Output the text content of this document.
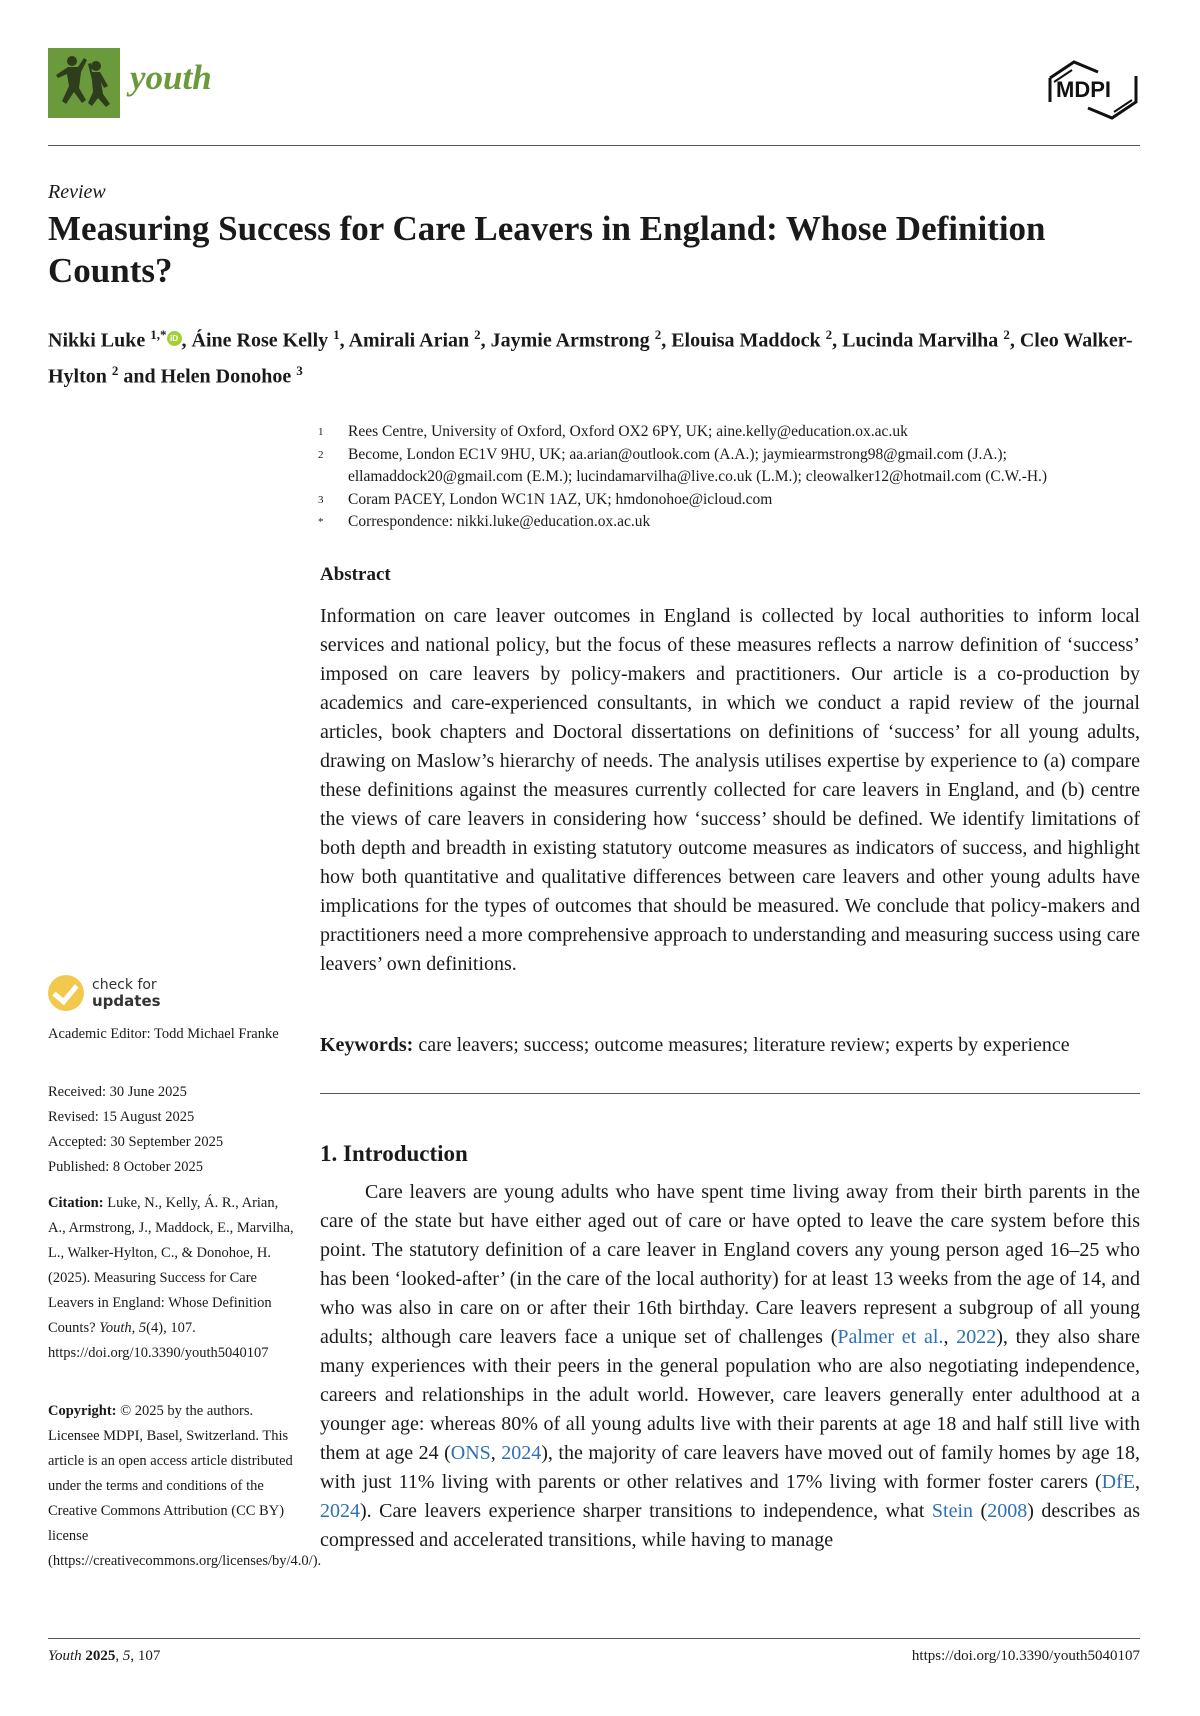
youth	MDPI
Review
Measuring Success for Care Leavers in England: Whose Definition Counts?
Nikki Luke $^{1,*}$ iD , Áine Rose Kelly $^1$, Amirali Arian $^2$, Jaymie Armstrong $^2$, Elouisa Maddock $^2$, Lucinda Marvilha $^2$, Cleo Walker-Hylton $^2$ and Helen Donohoe $^3$
1	Rees Centre, University of Oxford, Oxford OX2 6PY, UK; aine.kelly@education.ox.ac.uk
2	Become, London EC1V 9HU, UK; aa.arian@outlook.com (A.A.); jaymiearmstrong98@gmail.com (J.A.); ellamaddock20@gmail.com (E.M.); lucindamarvilha@live.co.uk (L.M.); cleowalker12@hotmail.com (C.W.-H.)
3	Coram PACEY, London WC1N 1AZ, UK; hmdonohoe@icloud.com
*	Correspondence: nikki.luke@education.ox.ac.uk
Abstract
Information on care leaver outcomes in England is collected by local authorities to inform local services and national policy, but the focus of these measures reflects a narrow definition of ‘success’ imposed on care leavers by policy-makers and practitioners. Our article is a co-production by academics and care-experienced consultants, in which we conduct a rapid review of the journal articles, book chapters and Doctoral dissertations on definitions of ‘success’ for all young adults, drawing on Maslow’s hierarchy of needs. The analysis utilises expertise by experience to (a) compare these definitions against the measures currently collected for care leavers in England, and (b) centre the views of care leavers in considering how ‘success’ should be defined. We identify limitations of both depth and breadth in existing statutory outcome measures as indicators of success, and highlight how both quantitative and qualitative differences between care leavers and other young adults have implications for the types of outcomes that should be measured. We conclude that policy-makers and practitioners need a more comprehensive approach to understanding and measuring success using care leavers’ own definitions.
Keywords: care leavers; success; outcome measures; literature review; experts by experience
1. Introduction
Care leavers are young adults who have spent time living away from their birth parents in the care of the state but have either aged out of care or have opted to leave the care system before this point. The statutory definition of a care leaver in England covers any young person aged 16–25 who has been ‘looked-after’ (in the care of the local authority) for at least 13 weeks from the age of 14, and who was also in care on or after their 16th birthday. Care leavers represent a subgroup of all young adults; although care leavers face a unique set of challenges (Palmer et al., 2022), they also share many experiences with their peers in the general population who are also negotiating independence, careers and relationships in the adult world. However, care leavers generally enter adulthood at a younger age: whereas 80% of all young adults live with their parents at age 18 and half still live with them at age 24 (ONS, 2024), the majority of care leavers have moved out of family homes by age 18, with just 11% living with parents or other relatives and 17% living with former foster carers (DfE, 2024). Care leavers experience sharper transitions to independence, what Stein (2008) describes as compressed and accelerated transitions, while having to manage
check for
updates
Academic Editor: Todd Michael Franke
Received: 30 June 2025
Revised: 15 August 2025
Accepted: 30 September 2025
Published: 8 October 2025
Citation: Luke, N., Kelly, Á. R., Arian, A., Armstrong, J., Maddock, E., Marvilha, L., Walker-Hylton, C., & Donohoe, H. (2025). Measuring Success for Care Leavers in England: Whose Definition Counts? Youth, 5(4), 107. https://doi.org/10.3390/youth5040107
Copyright: © 2025 by the authors. Licensee MDPI, Basel, Switzerland. This article is an open access article distributed under the terms and conditions of the Creative Commons Attribution (CC BY) license (https://creativecommons.org/licenses/by/4.0/).
Youth 2025, 5, 107	https://doi.org/10.3390/youth5040107
